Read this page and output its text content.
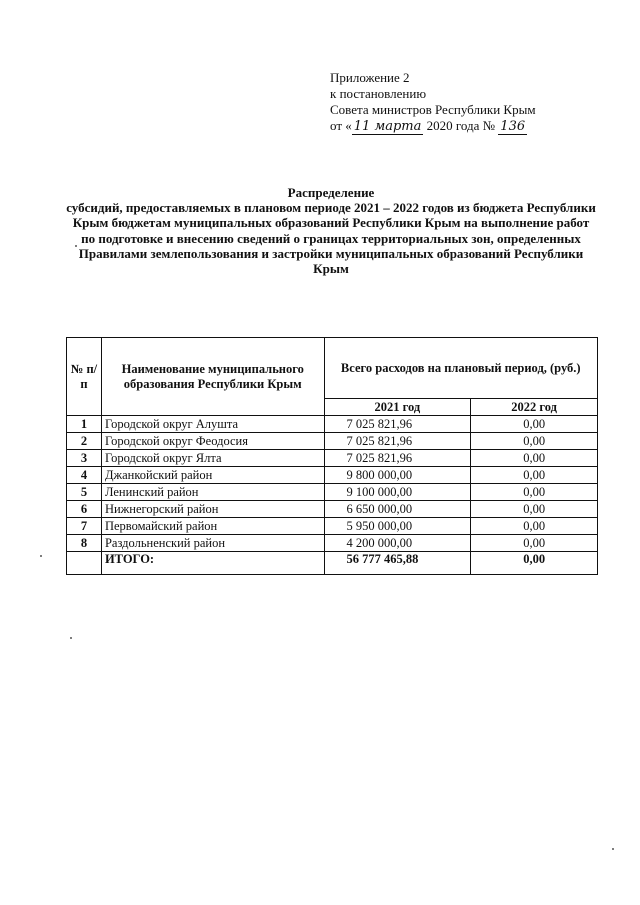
Приложение 2
к постановлению
Совета министров Республики Крым
от « 11 марта 2020 года № 136
Распределение
субсидий, предоставляемых в плановом периоде 2021 – 2022 годов из бюджета Республики Крым бюджетам муниципальных образований Республики Крым на выполнение работ по подготовке и внесению сведений о границах территориальных зон, определенных Правилами землепользования и застройки муниципальных образований Республики Крым
№ п/п	Наименование муниципального образования Республики Крым	Всего расходов на плановый период, (руб.)	
		2021 год	2022 год
1	Городской округ Алушта	7 025 821,96	0,00
2	Городской округ Феодосия	7 025 821,96	0,00
3	Городской округ Ялта	7 025 821,96	0,00
4	Джанкойский район	9 800 000,00	0,00
5	Ленинский район	9 100 000,00	0,00
6	Нижнегорский район	6 650 000,00	0,00
7	Первомайский район	5 950 000,00	0,00
8	Раздольненский район	4 200 000,00	0,00
	ИТОГО:	56 777 465,88	0,00
